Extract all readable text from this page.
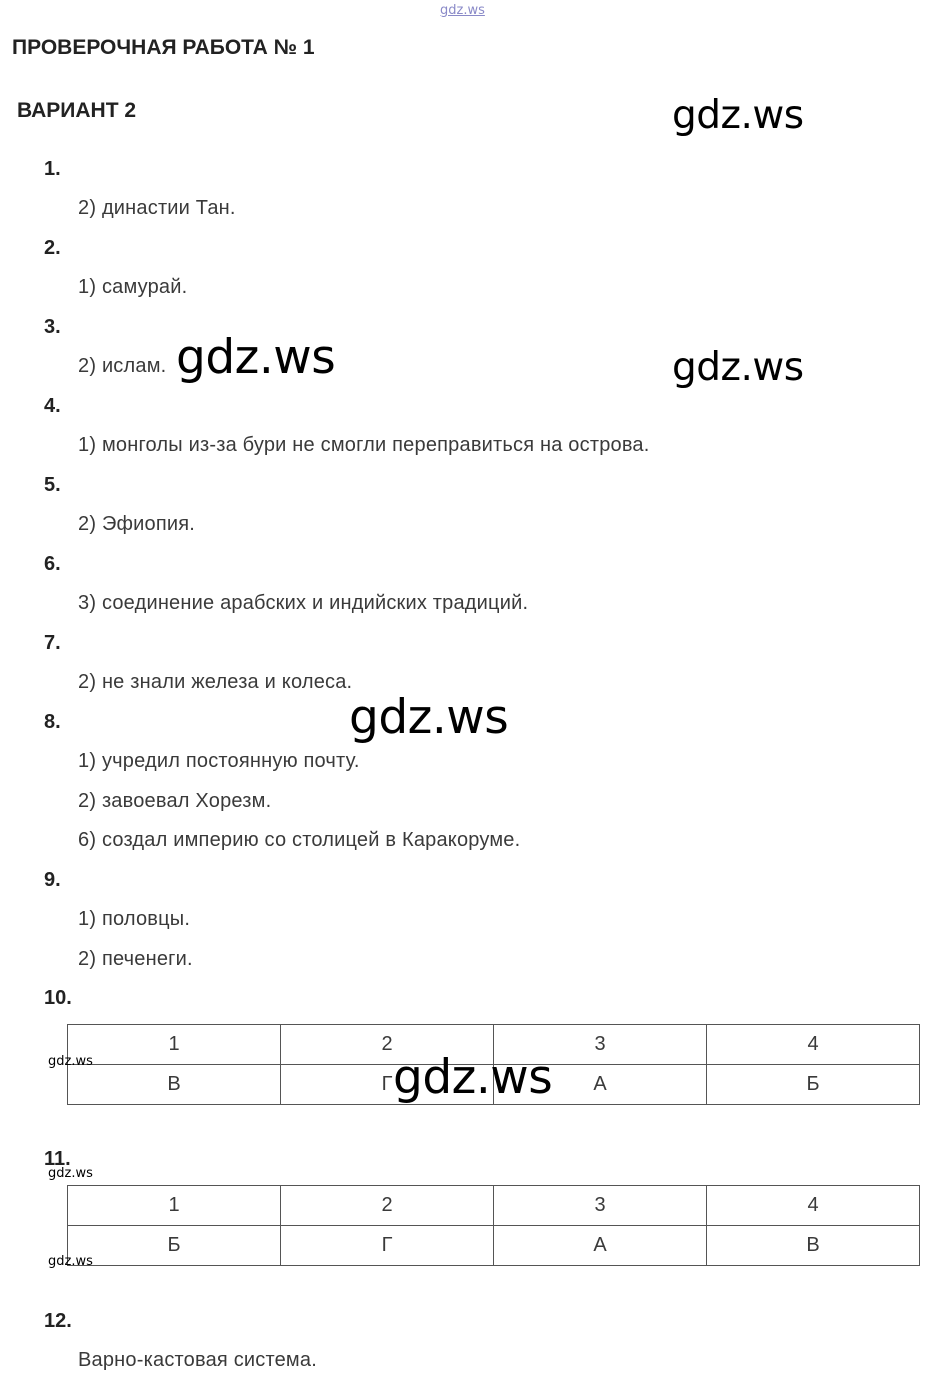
gdz.ws
ПРОВЕРОЧНАЯ РАБОТА № 1
ВАРИАНТ 2	gdz.ws
gdz.ws	gdz.ws
1.
2) династии Тан.
2.
1) самурай.
3.
2) ислам.
4.
1) монголы из-за бури не смогли переправиться на острова.
5.
2) Эфиопия.
6.
3) соединение арабских и индийских традиций.
7.
2) не знали железа и колеса.
8.
1) учредил постоянную почту.
2) завоевал Хорезм.
6) создал империю со столицей в Каракоруме.
gdz.ws
9.
1) половцы.
2) печенеги.
10.
1	2	3	4
В	Г	А	Б
gdz.ws	gdz.ws
11.
gdz.ws
1	2	3	4
Б	Г	А	В
gdz.ws
12.
Варно-кастовая система.
